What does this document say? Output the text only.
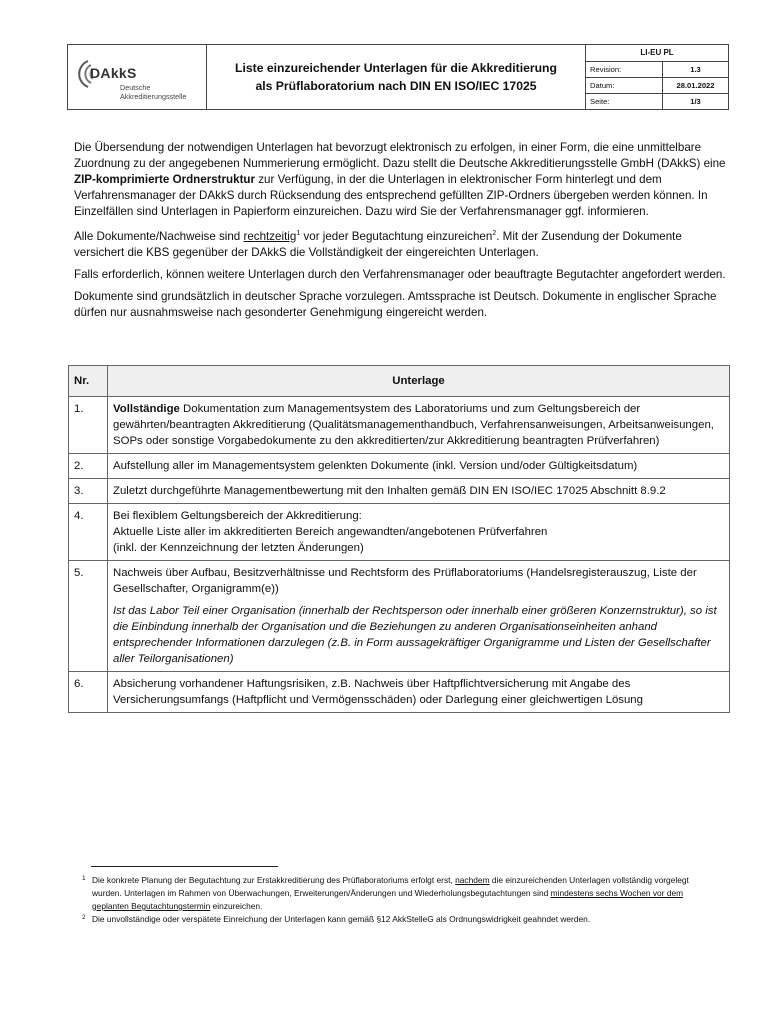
DAkkS
Deutsche
Akkreditierungsstelle
Liste einzureichender Unterlagen für die Akkreditierung
als Prüflaboratorium nach DIN EN ISO/IEC 17025
LI-EU PL
Revision:	1.3
Datum:	28.01.2022
Seite:	1/3

Die Übersendung der notwendigen Unterlagen hat bevorzugt elektronisch zu erfolgen, in einer Form, die eine unmittelbare Zuordnung zu der angegebenen Nummerierung ermöglicht. Dazu stellt die Deutsche Akkreditierungsstelle GmbH (DAkkS) eine ZIP-komprimierte Ordnerstruktur zur Verfügung, in der die Unterlagen in elektronischer Form hinterlegt und dem Verfahrensmanager der DAkkS durch Rücksendung des entsprechend gefüllten ZIP-Ordners übergeben werden können. In Einzelfällen sind Unterlagen in Papierform einzureichen. Dazu wird Sie der Verfahrensmanager ggf. informieren.

Alle Dokumente/Nachweise sind rechtzeitig$^1$ vor jeder Begutachtung einzureichen$^2$. Mit der Zusendung der Dokumente versichert die KBS gegenüber der DAkkS die Vollständigkeit der eingereichten Unterlagen.

Falls erforderlich, können weitere Unterlagen durch den Verfahrensmanager oder beauftragte Begutachter angefordert werden.

Dokumente sind grundsätzlich in deutscher Sprache vorzulegen. Amtssprache ist Deutsch. Dokumente in englischer Sprache dürfen nur ausnahmsweise nach gesonderter Genehmigung eingereicht werden.

Nr.	Unterlage
1.	Vollständige Dokumentation zum Managementsystem des Laboratoriums und zum Geltungsbereich der gewährten/beantragten Akkreditierung (Qualitätsmanagementhandbuch, Verfahrensanweisungen, Arbeitsanweisungen, SOPs oder sonstige Vorgabedokumente zu den akkreditierten/zur Akkreditierung beantragten Prüfverfahren)
2.	Aufstellung aller im Managementsystem gelenkten Dokumente (inkl. Version und/oder Gültigkeitsdatum)
3.	Zuletzt durchgeführte Managementbewertung mit den Inhalten gemäß DIN EN ISO/IEC 17025 Abschnitt 8.9.2
4.	Bei flexiblem Geltungsbereich der Akkreditierung:
Aktuelle Liste aller im akkreditierten Bereich angewandten/angebotenen Prüfverfahren
(inkl. der Kennzeichnung der letzten Änderungen)

5.	Nachweis über Aufbau, Besitzverhältnisse und Rechtsform des Prüflaboratoriums (Handelsregisterauszug, Liste der Gesellschafter, Organigramm(e))
Ist das Labor Teil einer Organisation (innerhalb der Rechtsperson oder innerhalb einer größeren Konzernstruktur), so ist die Einbindung innerhalb der Organisation und die Beziehungen zu anderen Organisationseinheiten anhand entsprechender Informationen darzulegen (z.B. in Form aussagekräftiger Organigramme und Listen der Gesellschafter aller Teilorganisationen)

6.	Absicherung vorhandener Haftungsrisiken, z.B. Nachweis über Haftpflichtversicherung mit Angabe des Versicherungsumfangs (Haftpflicht und Vermögensschäden) oder Darlegung einer gleichwertigen Lösung
1 Die konkrete Planung der Begutachtung zur Erstakkreditierung des Prüflaboratoriums erfolgt erst, nachdem die einzureichenden Unterlagen vollständig vorgelegt wurden. Unterlagen im Rahmen von Überwachungen, Erweiterungen/Änderungen und Wiederholungsbegutachtungen sind mindestens sechs Wochen vor dem geplanten Begutachtungstermin einzureichen.
2 Die unvollständige oder verspätete Einreichung der Unterlagen kann gemäß §12 AkkStelleG als Ordnungswidrigkeit geahndet werden.
